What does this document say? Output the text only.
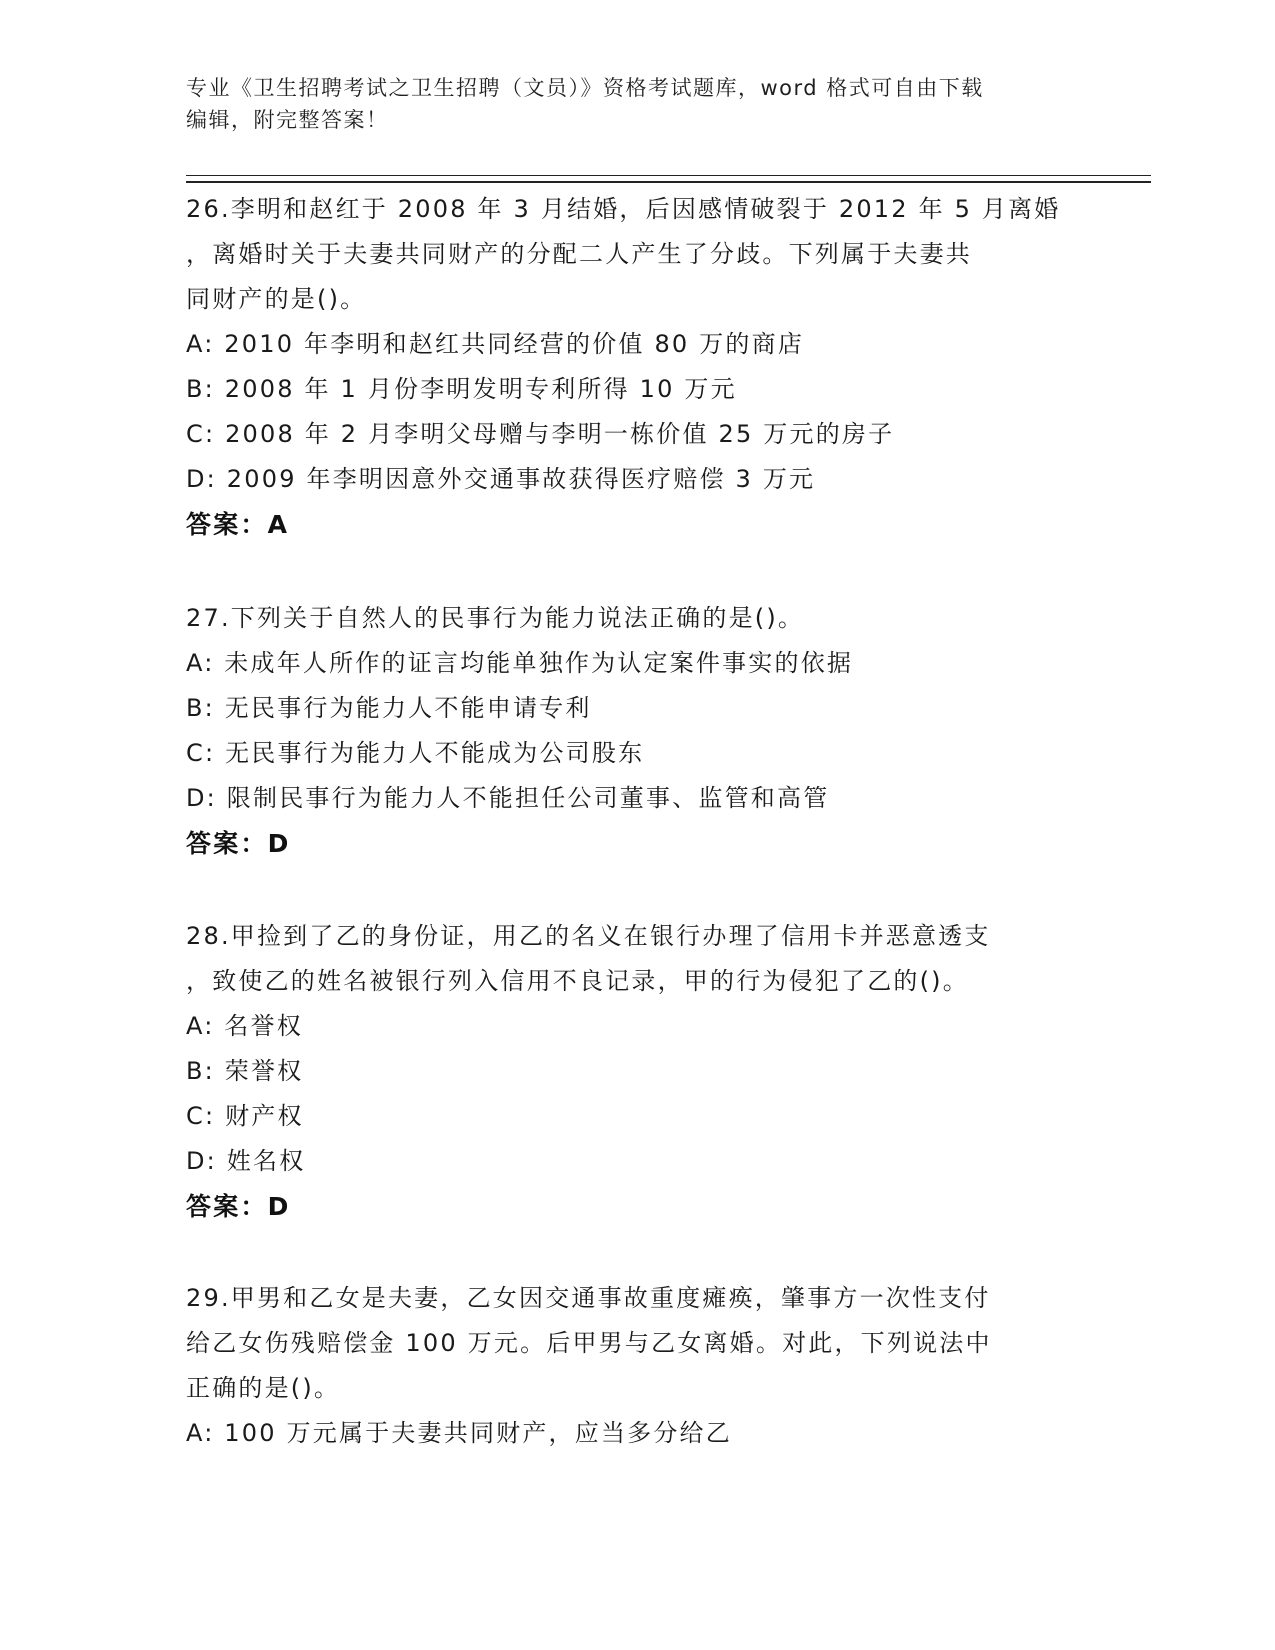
专业《卫生招聘考试之卫生招聘（文员）》资格考试题库，word 格式可自由下载
编辑，附完整答案！

26.李明和赵红于 2008 年 3 月结婚，后因感情破裂于 2012 年 5 月离婚

，离婚时关于夫妻共同财产的分配二人产生了分歧。下列属于夫妻共

同财产的是()。

A: 2010 年李明和赵红共同经营的价值 80 万的商店

B: 2008 年 1 月份李明发明专利所得 10 万元

C: 2008 年 2 月李明父母赠与李明一栋价值 25 万元的房子

D: 2009 年李明因意外交通事故获得医疗赔偿 3 万元

答案：A

27.下列关于自然人的民事行为能力说法正确的是()。

A: 未成年人所作的证言均能单独作为认定案件事实的依据

B: 无民事行为能力人不能申请专利

C: 无民事行为能力人不能成为公司股东

D: 限制民事行为能力人不能担任公司董事、监管和高管

答案：D

28.甲捡到了乙的身份证，用乙的名义在银行办理了信用卡并恶意透支

，致使乙的姓名被银行列入信用不良记录，甲的行为侵犯了乙的()。

A: 名誉权

B: 荣誉权

C: 财产权

D: 姓名权

答案：D

29.甲男和乙女是夫妻，乙女因交通事故重度瘫痪，肇事方一次性支付

给乙女伤残赔偿金 100 万元。后甲男与乙女离婚。对此，下列说法中

正确的是()。

A: 100 万元属于夫妻共同财产，应当多分给乙
